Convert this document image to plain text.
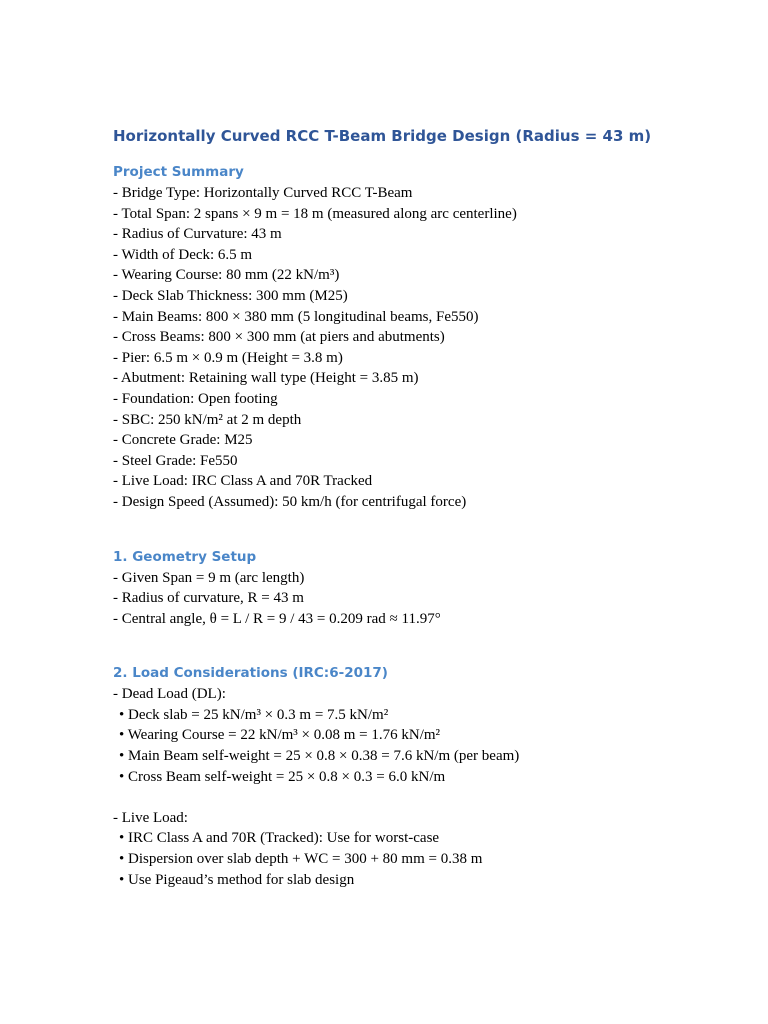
Horizontally Curved RCC T-Beam Bridge Design (Radius = 43 m)
Project Summary

- Bridge Type: Horizontally Curved RCC T-Beam

- Total Span: 2 spans × 9 m = 18 m (measured along arc centerline)

- Radius of Curvature: 43 m

- Width of Deck: 6.5 m

- Wearing Course: 80 mm (22 kN/m³)

- Deck Slab Thickness: 300 mm (M25)

- Main Beams: 800 × 380 mm (5 longitudinal beams, Fe550)

- Cross Beams: 800 × 300 mm (at piers and abutments)

- Pier: 6.5 m × 0.9 m (Height = 3.8 m)

- Abutment: Retaining wall type (Height = 3.85 m)

- Foundation: Open footing

- SBC: 250 kN/m² at 2 m depth

- Concrete Grade: M25

- Steel Grade: Fe550

- Live Load: IRC Class A and 70R Tracked

- Design Speed (Assumed): 50 km/h (for centrifugal force)

1. Geometry Setup

- Given Span = 9 m (arc length)

- Radius of curvature, R = 43 m

- Central angle, θ = L / R = 9 / 43 = 0.209 rad ≈ 11.97°

2. Load Considerations (IRC:6-2017)

- Dead Load (DL):

• Deck slab = 25 kN/m³ × 0.3 m = 7.5 kN/m²

• Wearing Course = 22 kN/m³ × 0.08 m = 1.76 kN/m²

• Main Beam self-weight = 25 × 0.8 × 0.38 = 7.6 kN/m (per beam)

• Cross Beam self-weight = 25 × 0.8 × 0.3 = 6.0 kN/m

- Live Load:

• IRC Class A and 70R (Tracked): Use for worst-case

• Dispersion over slab depth + WC = 300 + 80 mm = 0.38 m

• Use Pigeaud’s method for slab design
